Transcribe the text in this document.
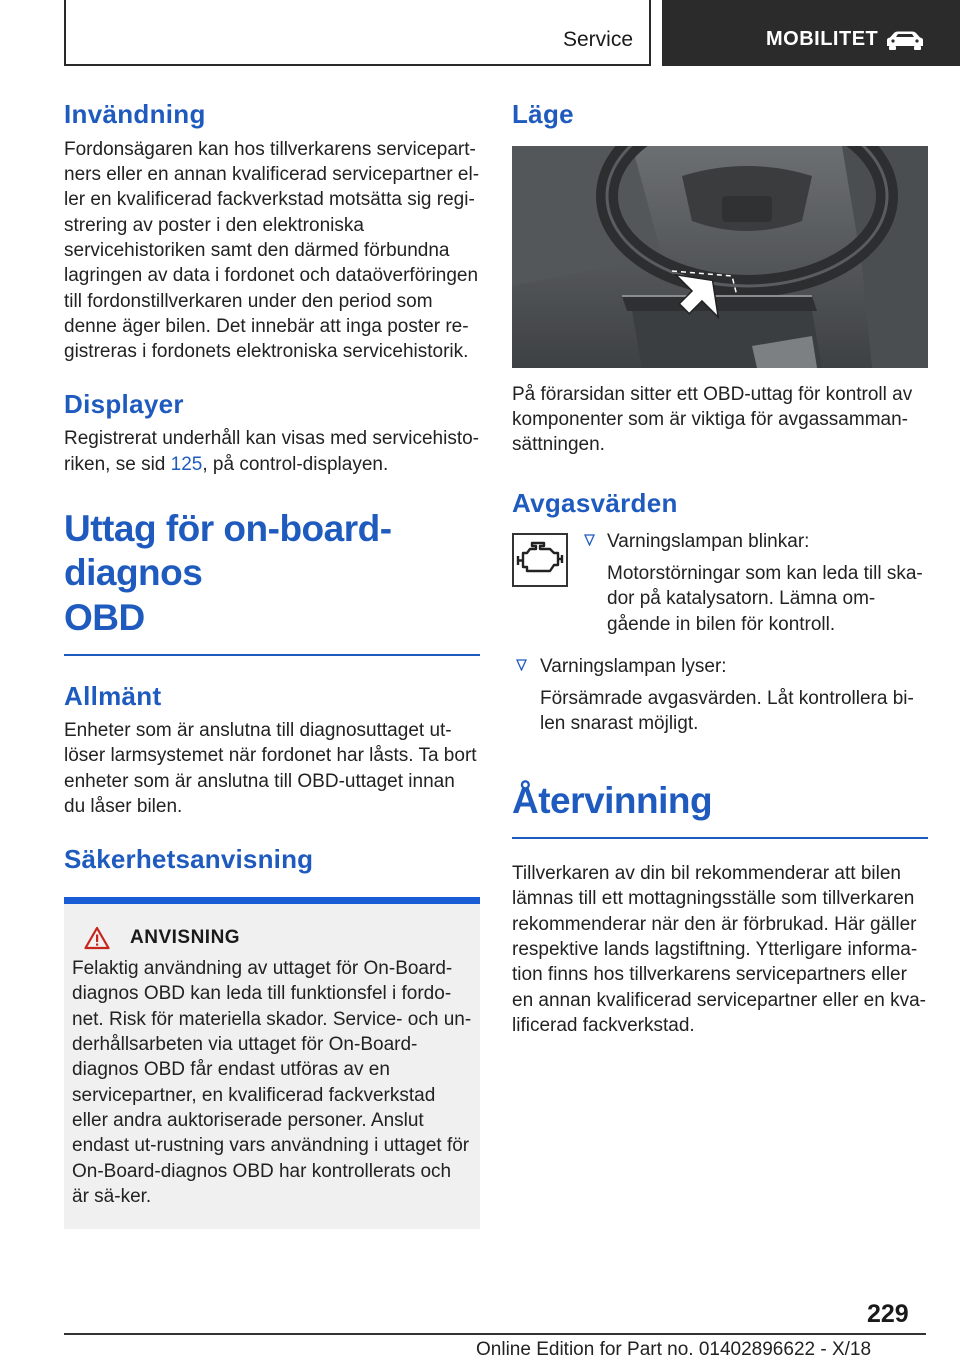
Service	MOBILITET
Invändning

Fordonsägaren kan hos tillverkarens servicepart-ners eller en annan kvalificerad servicepartner el-ler en kvalificerad fackverkstad motsätta sig regi-strering av poster i den elektroniska servicehistoriken samt den därmed förbundna lagringen av data i fordonet och dataöverföringen till fordonstillverkaren under den period som denne äger bilen. Det innebär att inga poster re-gistreras i fordonets elektroniska servicehistorik.

Displayer

Registrerat underhåll kan visas med servicehisto-riken, se sid 125, på control-displayen.

Uttag för on-board-diagnos
OBD
Allmänt

Enheter som är anslutna till diagnosuttaget ut-löser larmsystemet när fordonet har låsts. Ta bort enheter som är anslutna till OBD-uttaget innan du låser bilen.

Säkerhetsanvisning
ANVISNING

Felaktig användning av uttaget för On-Board-diagnos OBD kan leda till funktionsfel i fordo-net. Risk för materiella skador. Service- och un-derhållsarbeten via uttaget för On-Board-diagnos OBD får endast utföras av en servicepartner, en kvalificerad fackverkstad eller andra auktoriserade personer. Anslut endast ut-rustning vars användning i uttaget för On-Board-diagnos OBD har kontrollerats och är sä-ker.

Läge

På förarsidan sitter ett OBD-uttag för kontroll av komponenter som är viktiga för avgassamman-sättningen.

Avgasvärden
Varningslampan blinkar:
Motorstörningar som kan leda till ska-dor på katalysatorn. Lämna om-gående in bilen för kontroll.
Varningslampan lyser:
Försämrade avgasvärden. Låt kontrollera bi-len snarast möjligt.
Återvinning

Tillverkaren av din bil rekommenderar att bilen lämnas till ett mottagningsställe som tillverkaren rekommenderar när den är förbrukad. Här gäller respektive lands lagstiftning. Ytterligare informa-tion finns hos tillverkarens servicepartners eller en annan kvalificerad servicepartner eller en kva-lificerad fackverkstad.

229
Online Edition for Part no. 01402896622 - X/18
